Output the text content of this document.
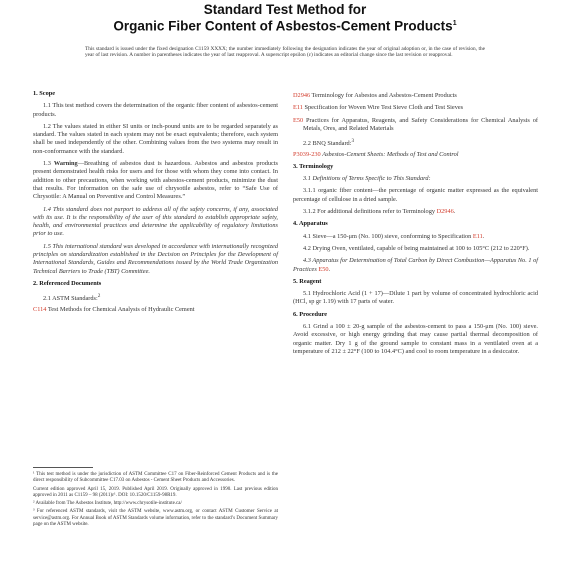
Standard Test Method for
Organic Fiber Content of Asbestos-Cement Products$^1$
This standard is issued under the fixed designation C1159 XXXX; the number immediately following the designation indicates the year of original adoption or, in the case of revision, the year of last revision. A number in parentheses indicates the year of last reapproval. A superscript epsilon (ε) indicates an editorial change since the last revision or reapproval.

1. Scope

1.1 This test method covers the determination of the organic fiber content of asbestos-cement products.

1.2 The values stated in either SI units or inch-pound units are to be regarded separately as standard. The values stated in each system may not be exact equivalents; therefore, each system shall be used independently of the other. Combining values from the two systems may result in non-conformance with the standard.

1.3 Warning—Breathing of asbestos dust is hazardous. Asbestos and asbestos products present demonstrated health risks for users and for those with whom they come into contact. In addition to other precautions, when working with asbestos-cement products, minimize the dust that results. For information on the safe use of chrysotile asbestos, refer to “Safe Use of Chrysotile: A Manual on Preventive and Control Measures.”

1.4 This standard does not purport to address all of the safety concerns, if any, associated with its use. It is the responsibility of the user of this standard to establish appropriate safety, health, and environmental practices and determine the applicability of regulatory limitations prior to use.

1.5 This international standard was developed in accordance with internationally recognized principles on standardization established in the Decision on Principles for the Development of International Standards, Guides and Recommendations issued by the World Trade Organization Technical Barriers to Trade (TBT) Committee.

2. Referenced Documents

2.1 ASTM Standards:$^2$

C114 Test Methods for Chemical Analysis of Hydraulic Cement

¹ This test method is under the jurisdiction of ASTM Committee C17 on Fiber-Reinforced Cement Products and is the direct responsibility of Subcommittee C17.03 on Asbestos - Cement Sheet Products and Accessories.

Current edition approved April 15, 2019. Published April 2019. Originally approved in 1990. Last previous edition approved in 2011 as C1159 – 98 (2011)ε¹. DOI: 10.1520/C1159-98R19.

² Available from The Asbestos Institute, http://www.chrysotile-institute.ca/

³ For referenced ASTM standards, visit the ASTM website, www.astm.org, or contact ASTM Customer Service at service@astm.org. For Annual Book of ASTM Standards volume information, refer to the standard’s Document Summary page on the ASTM website.

D2946 Terminology for Asbestos and Asbestos-Cement Products

E11 Specification for Woven Wire Test Sieve Cloth and Test Sieves

E50 Practices for Apparatus, Reagents, and Safety Considerations for Chemical Analysis of Metals, Ores, and Related Materials

2.2 BNQ Standard:$^3$

P3039-230 Asbestos-Cement Sheets: Methods of Test and Control

3. Terminology

3.1 Definitions of Terms Specific to This Standard:

3.1.1 organic fiber content—the percentage of organic matter expressed as the equivalent percentage of cellulose in a dried sample.

3.1.2 For additional definitions refer to Terminology D2946.

4. Apparatus

4.1 Sieve—a 150-μm (No. 100) sieve, conforming to Specification E11.

4.2 Drying Oven, ventilated, capable of being maintained at 100 to 105°C (212 to 220°F).

4.3 Apparatus for Determination of Total Carbon by Direct Combustion—Apparatus No. 1 of Practices E50.

5. Reagent

5.1 Hydrochloric Acid (1 + 17)—Dilute 1 part by volume of concentrated hydrochloric acid (HCl, sp gr 1.19) with 17 parts of water.

6. Procedure

6.1 Grind a 100 ± 20-g sample of the asbestos-cement to pass a 150-μm (No. 100) sieve. Avoid excessive, or high energy grinding that may cause partial thermal decomposition of organic matter. Dry 1 g of the ground sample to constant mass in a ventilated oven at a temperature of 212 ± 22°F (100 to 104.4°C) and cool to room temperature in a desiccator.
